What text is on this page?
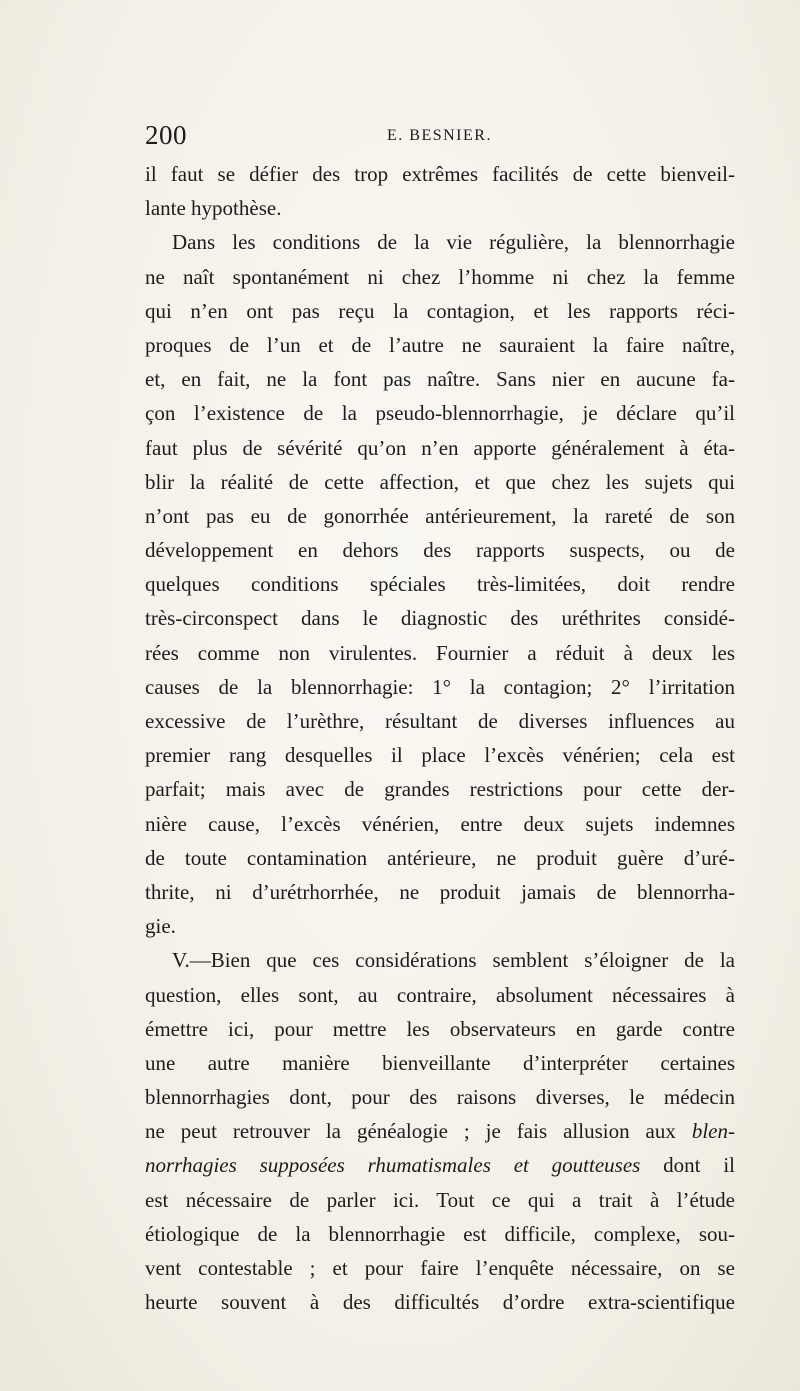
200	E. BESNIER.
il faut se défier des trop extrêmes facilités de cette bienveil-
lante hypothèse.
Dans les conditions de la vie régulière, la blennorrhagie
ne naît spontanément ni chez l’homme ni chez la femme
qui n’en ont pas reçu la contagion, et les rapports réci-
proques de l’un et de l’autre ne sauraient la faire naître,
et, en fait, ne la font pas naître. Sans nier en aucune fa-
çon l’existence de la pseudo-blennorrhagie, je déclare qu’il
faut plus de sévérité qu’on n’en apporte généralement à éta-
blir la réalité de cette affection, et que chez les sujets qui
n’ont pas eu de gonorrhée antérieurement, la rareté de son
développement en dehors des rapports suspects, ou de
quelques conditions spéciales très-limitées, doit rendre
très-circonspect dans le diagnostic des uréthrites considé-
rées comme non virulentes. Fournier a réduit à deux les
causes de la blennorrhagie: 1° la contagion; 2° l’irritation
excessive de l’urèthre, résultant de diverses influences au
premier rang desquelles il place l’excès vénérien; cela est
parfait; mais avec de grandes restrictions pour cette der-
nière cause, l’excès vénérien, entre deux sujets indemnes
de toute contamination antérieure, ne produit guère d’uré-
thrite, ni d’urétrhorrhée, ne produit jamais de blennorrha-
gie.
V.—Bien que ces considérations semblent s’éloigner de la
question, elles sont, au contraire, absolument nécessaires à
émettre ici, pour mettre les observateurs en garde contre
une autre manière bienveillante d’interpréter certaines
blennorrhagies dont, pour des raisons diverses, le médecin
ne peut retrouver la généalogie ; je fais allusion aux blen-
norrhagies supposées rhumatismales et goutteuses dont il
est nécessaire de parler ici. Tout ce qui a trait à l’étude
étiologique de la blennorrhagie est difficile, complexe, sou-
vent contestable ; et pour faire l’enquête nécessaire, on se
heurte souvent à des difficultés d’ordre extra-scientifique
